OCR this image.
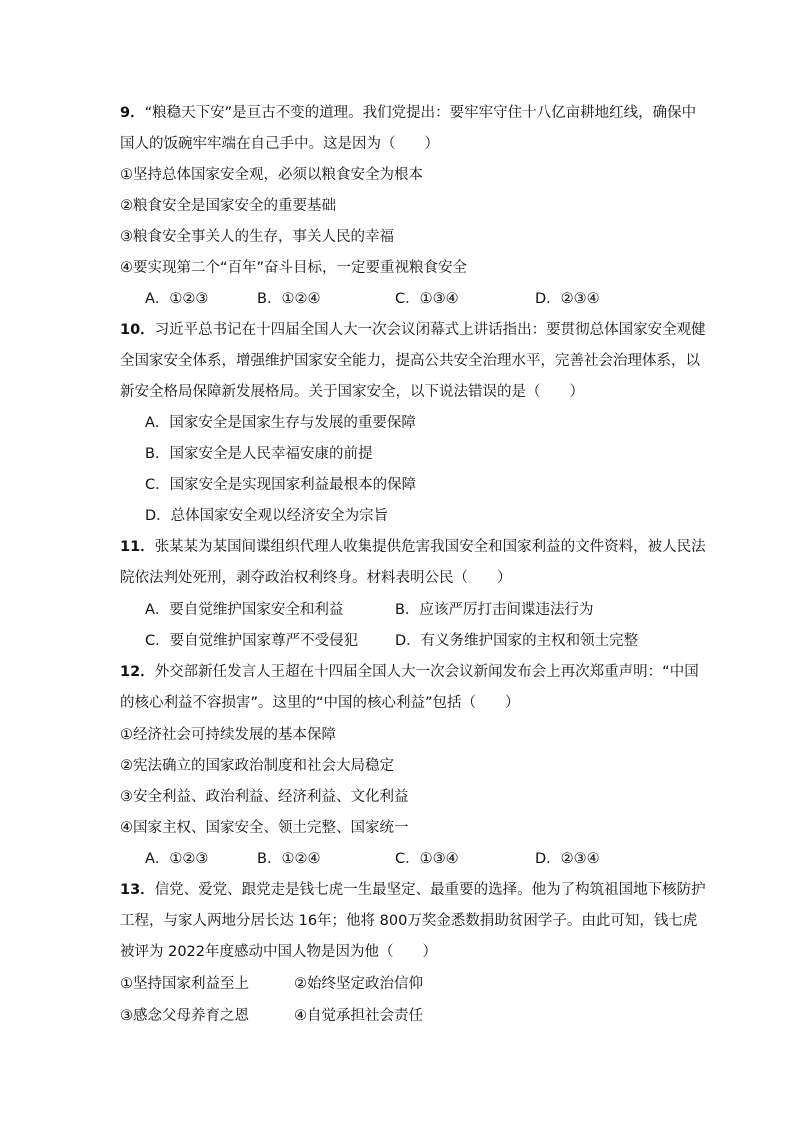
9．“粮稳天下安”是亘古不变的道理。我们党提出：要牢牢守住十八亿亩耕地红线，确保中
国人的饭碗牢牢端在自己手中。这是因为（　　）
①坚持总体国家安全观，必须以粮食安全为根本
②粮食安全是国家安全的重要基础
③粮食安全事关人的生存，事关人民的幸福
④要实现第二个“百年”奋斗目标，一定要重视粮食安全
A．①②③	B．①②④	C．①③④	D．②③④
10．习近平总书记在十四届全国人大一次会议闭幕式上讲话指出：要贯彻总体国家安全观健
全国家安全体系，增强维护国家安全能力，提高公共安全治理水平，完善社会治理体系，以
新安全格局保障新发展格局。关于国家安全，以下说法错误的是（　　）
A．国家安全是国家生存与发展的重要保障
B．国家安全是人民幸福安康的前提
C．国家安全是实现国家利益最根本的保障
D．总体国家安全观以经济安全为宗旨
11．张某某为某国间谍组织代理人收集提供危害我国安全和国家利益的文件资料，被人民法
院依法判处死刑，剥夺政治权利终身。材料表明公民（　　）
A．要自觉维护国家安全和利益	B．应该严厉打击间谍违法行为
C．要自觉维护国家尊严不受侵犯	D．有义务维护国家的主权和领土完整
12．外交部新任发言人王超在十四届全国人大一次会议新闻发布会上再次郑重声明：“中国
的核心利益不容损害”。这里的“中国的核心利益”包括（　　）
①经济社会可持续发展的基本保障
②宪法确立的国家政治制度和社会大局稳定
③安全利益、政治利益、经济利益、文化利益
④国家主权、国家安全、领土完整、国家统一
A．①②③	B．①②④	C．①③④	D．②③④
13．信党、爱党、跟党走是钱七虎一生最坚定、最重要的选择。他为了构筑祖国地下核防护
工程，与家人两地分居长达 16年；他将 800万奖金悉数捐助贫困学子。由此可知，钱七虎
被评为 2022年度感动中国人物是因为他（　　）
①坚持国家利益至上	②始终坚定政治信仰
③感念父母养育之恩	④自觉承担社会责任
